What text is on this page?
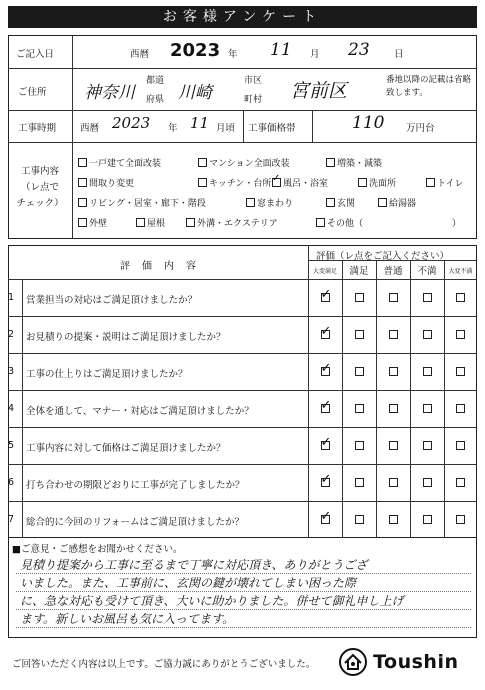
お客様アンケート
ご記入日	西暦 2023 年 11 月 23	日
ご住所 神奈川
都道
府県 川崎
市区
町村 宮前区	番地以降の記載は省略致します。
工事時期	西暦 2023 年 11 月頃 工事価格帯	110 万円台
工事内容
（レ点で
チェック）
一戸建て全面改装	マンション全面改装	増築・減築
間取り変更	キッチン・台所
✓	風呂・浴室	洗面所	トイレ
リビング・居室・廊下・階段	窓まわり	玄関	給湯器
外壁	屋根	外溝・エクステリア	その他（	）
評　価　内　容
評価（レ点をご記入ください）
大変満足	満足	普通	不満	大変不満
1 営業担当の対応はご満足頂けましたか？
✓
2 お見積りの提案・説明はご満足頂けましたか？
✓
3 工事の仕上りはご満足頂けましたか？
✓
4 全体を通して、マナー・対応はご満足頂けましたか？
✓
5 工事内容に対して価格はご満足頂けましたか？
✓
6 打ち合わせの期限どおりに工事が完了しましたか？
✓
7 総合的に今回のリフォームはご満足頂けましたか？
✓
■ご意見・ご感想をお聞かせください。
見積り提案から工事に至るまで丁寧に対応頂き、ありがとうござ
いました。また、工事前に、玄関の鍵が壊れてしまい困った際
に、急な対応も受けて頂き、大いに助かりました。併せて御礼申し上げ
ます。新しいお風呂も気に入ってます。
ご回答いただく内容は以上です。ご協力誠にありがとうございました。	Toushin
